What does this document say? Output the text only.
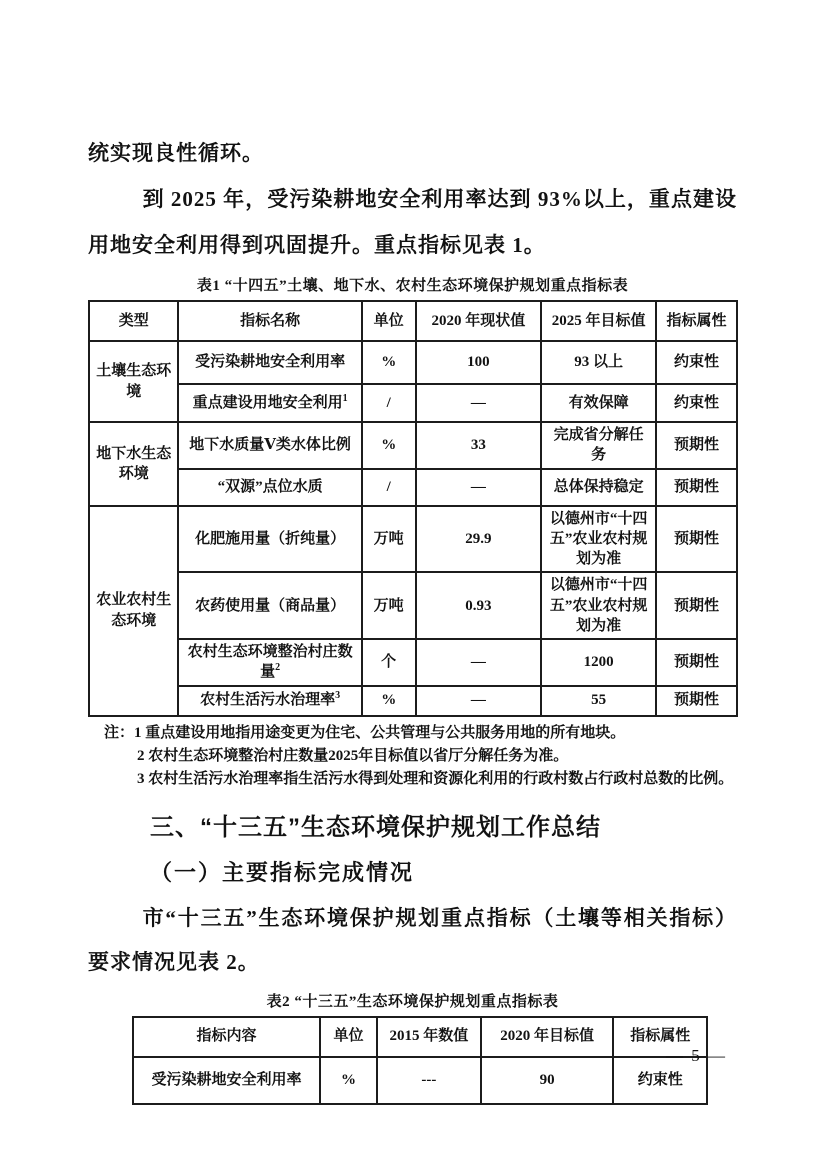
统实现良性循环。

到 2025 年，受污染耕地安全利用率达到 93%以上，重点建设用地安全利用得到巩固提升。重点指标见表 1。

表1 “十四五”土壤、地下水、农村生态环境保护规划重点指标表
类型	指标名称	单位	2020 年现状值	2025 年目标值	指标属性
土壤生态环境	受污染耕地安全利用率	%	100	93 以上	约束性
	重点建设用地安全利用$^1$	/	—	有效保障	约束性
地下水生态环境	地下水质量Ⅴ类水体比例	%	33	完成省分解任务	预期性
	“双源”点位水质	/	—	总体保持稳定	预期性
农业农村生态环境	化肥施用量（折纯量）	万吨	29.9	以德州市“十四五”农业农村规划为准	预期性
	农药使用量（商品量）	万吨	0.93	以德州市“十四五”农业农村规划为准	预期性
	农村生态环境整治村庄数量$^2$	个	—	1200	预期性
	农村生活污水治理率$^3$	%	—	55	预期性
注：1 重点建设用地指用途变更为住宅、公共管理与公共服务用地的所有地块。
2 农村生态环境整治村庄数量2025年目标值以省厅分解任务为准。
3 农村生活污水治理率指生活污水得到处理和资源化利用的行政村数占行政村总数的比例。
三、“十三五”生态环境保护规划工作总结
（一）主要指标完成情况

市“十三五”生态环境保护规划重点指标（土壤等相关指标）要求情况见表 2。

表2 “十三五”生态环境保护规划重点指标表
指标内容	单位	2015 年数值	2020 年目标值	指标属性
受污染耕地安全利用率	%	---	90	约束性
— 5 —
